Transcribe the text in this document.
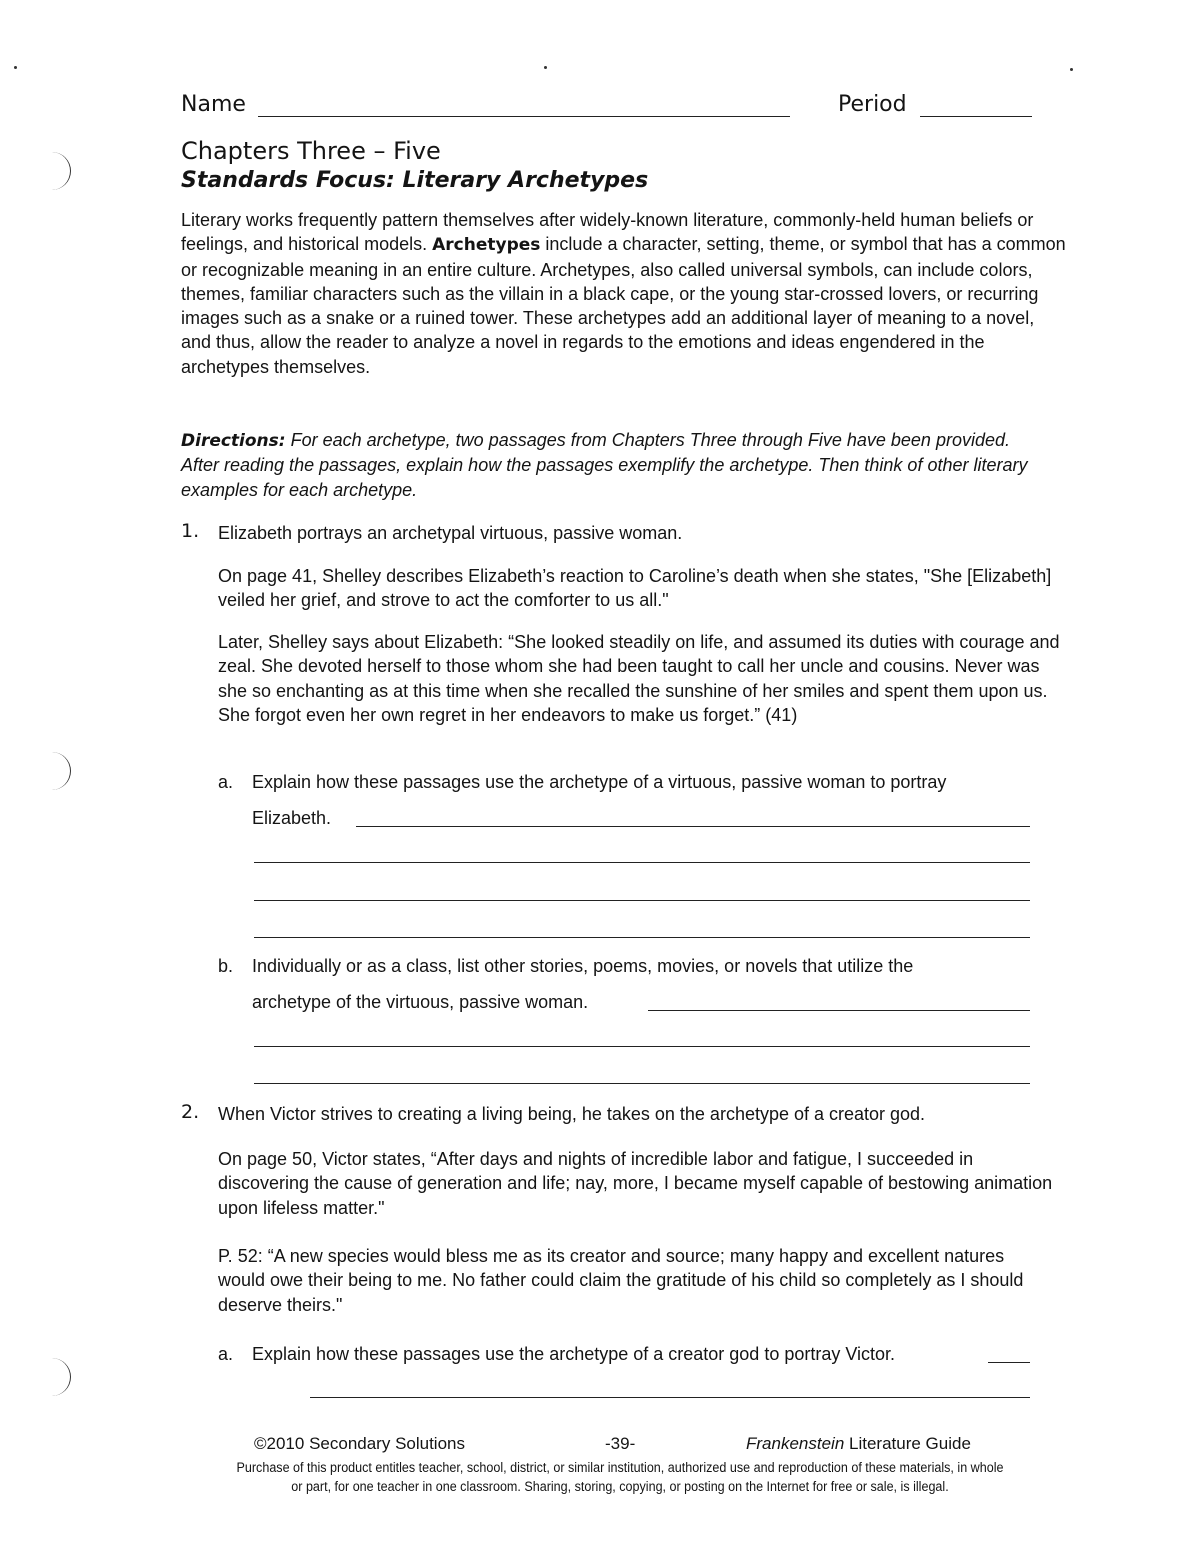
Name	Period
Chapters Three – Five
Standards Focus: Literary Archetypes
Literary works frequently pattern themselves after widely-known literature, commonly-held human beliefs or feelings, and historical models. Archetypes include a character, setting, theme, or symbol that has a common or recognizable meaning in an entire culture. Archetypes, also called universal symbols, can include colors, themes, familiar characters such as the villain in a black cape, or the young star-crossed lovers, or recurring images such as a snake or a ruined tower. These archetypes add an additional layer of meaning to a novel, and thus, allow the reader to analyze a novel in regards to the emotions and ideas engendered in the archetypes themselves.
Directions: For each archetype, two passages from Chapters Three through Five have been provided. After reading the passages, explain how the passages exemplify the archetype. Then think of other literary examples for each archetype.
1. Elizabeth portrays an archetypal virtuous, passive woman.
On page 41, Shelley describes Elizabeth’s reaction to Caroline’s death when she states, "She [Elizabeth] veiled her grief, and strove to act the comforter to us all."
Later, Shelley says about Elizabeth: “She looked steadily on life, and assumed its duties with courage and zeal. She devoted herself to those whom she had been taught to call her uncle and cousins. Never was she so enchanting as at this time when she recalled the sunshine of her smiles and spent them upon us. She forgot even her own regret in her endeavors to make us forget.” (41)
a. Explain how these passages use the archetype of a virtuous, passive woman to portray
Elizabeth.
b. Individually or as a class, list other stories, poems, movies, or novels that utilize the
archetype of the virtuous, passive woman.
2. When Victor strives to creating a living being, he takes on the archetype of a creator god.
On page 50, Victor states, “After days and nights of incredible labor and fatigue, I succeeded in discovering the cause of generation and life; nay, more, I became myself capable of bestowing animation upon lifeless matter."
P. 52: “A new species would bless me as its creator and source; many happy and excellent natures would owe their being to me. No father could claim the gratitude of his child so completely as I should deserve theirs."
a. Explain how these passages use the archetype of a creator god to portray Victor.
©2010 Secondary Solutions	-39-	Frankenstein Literature Guide
Purchase of this product entitles teacher, school, district, or similar institution, authorized use and reproduction of these materials, in whole
or part, for one teacher in one classroom. Sharing, storing, copying, or posting on the Internet for free or sale, is illegal.
